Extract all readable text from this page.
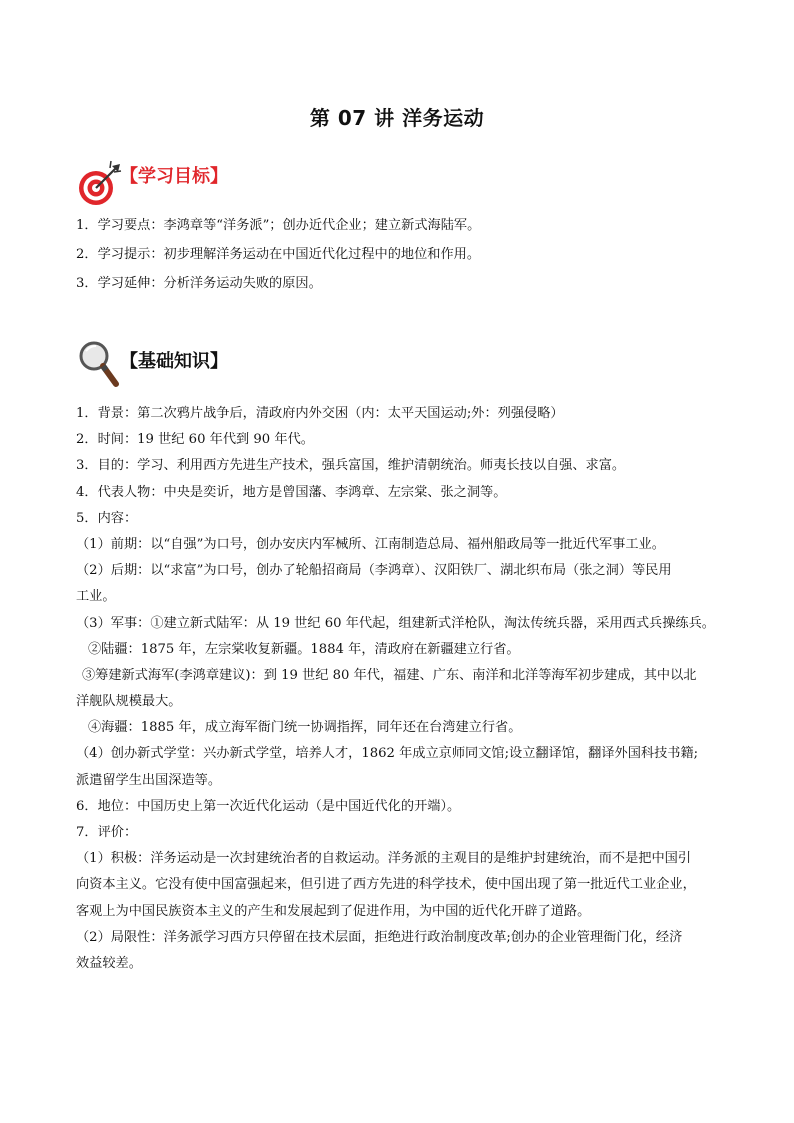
第 07 讲 洋务运动
【学习目标】
1．学习要点：李鸿章等“洋务派”；创办近代企业；建立新式海陆军。
2．学习提示：初步理解洋务运动在中国近代化过程中的地位和作用。
3．学习延伸：分析洋务运动失败的原因。
【基础知识】
1．背景：第二次鸦片战争后，清政府内外交困（内：太平天国运动;外：列强侵略）
2．时间：19 世纪 60 年代到 90 年代。
3．目的：学习、利用西方先进生产技术，强兵富国，维护清朝统治。师夷长技以自强、求富。
4．代表人物：中央是奕䜣，地方是曾国藩、李鸿章、左宗棠、张之洞等。
5．内容：
（1）前期：以“自强”为口号，创办安庆内军械所、江南制造总局、福州船政局等一批近代军事工业。
（2）后期：以“求富”为口号，创办了轮船招商局（李鸿章）、汉阳铁厂、湖北织布局（张之洞）等民用
工业。
（3）军事：①建立新式陆军：从 19 世纪 60 年代起，组建新式洋枪队，淘汰传统兵器，采用西式兵操练兵。
②陆疆：1875 年，左宗棠收复新疆。1884 年，清政府在新疆建立行省。
③筹建新式海军(李鸿章建议)：到 19 世纪 80 年代，福建、广东、南洋和北洋等海军初步建成，其中以北
洋舰队规模最大。
④海疆：1885 年，成立海军衙门统一协调指挥，同年还在台湾建立行省。
（4）创办新式学堂：兴办新式学堂，培养人才，1862 年成立京师同文馆;设立翻译馆，翻译外国科技书籍;
派遣留学生出国深造等。
6．地位：中国历史上第一次近代化运动（是中国近代化的开端）。
7．评价：
（1）积极：洋务运动是一次封建统治者的自救运动。洋务派的主观目的是维护封建统治，而不是把中国引
向资本主义。它没有使中国富强起来，但引进了西方先进的科学技术，使中国出现了第一批近代工业企业，
客观上为中国民族资本主义的产生和发展起到了促进作用，为中国的近代化开辟了道路。
（2）局限性：洋务派学习西方只停留在技术层面，拒绝进行政治制度改革;创办的企业管理衙门化，经济
效益较差。
